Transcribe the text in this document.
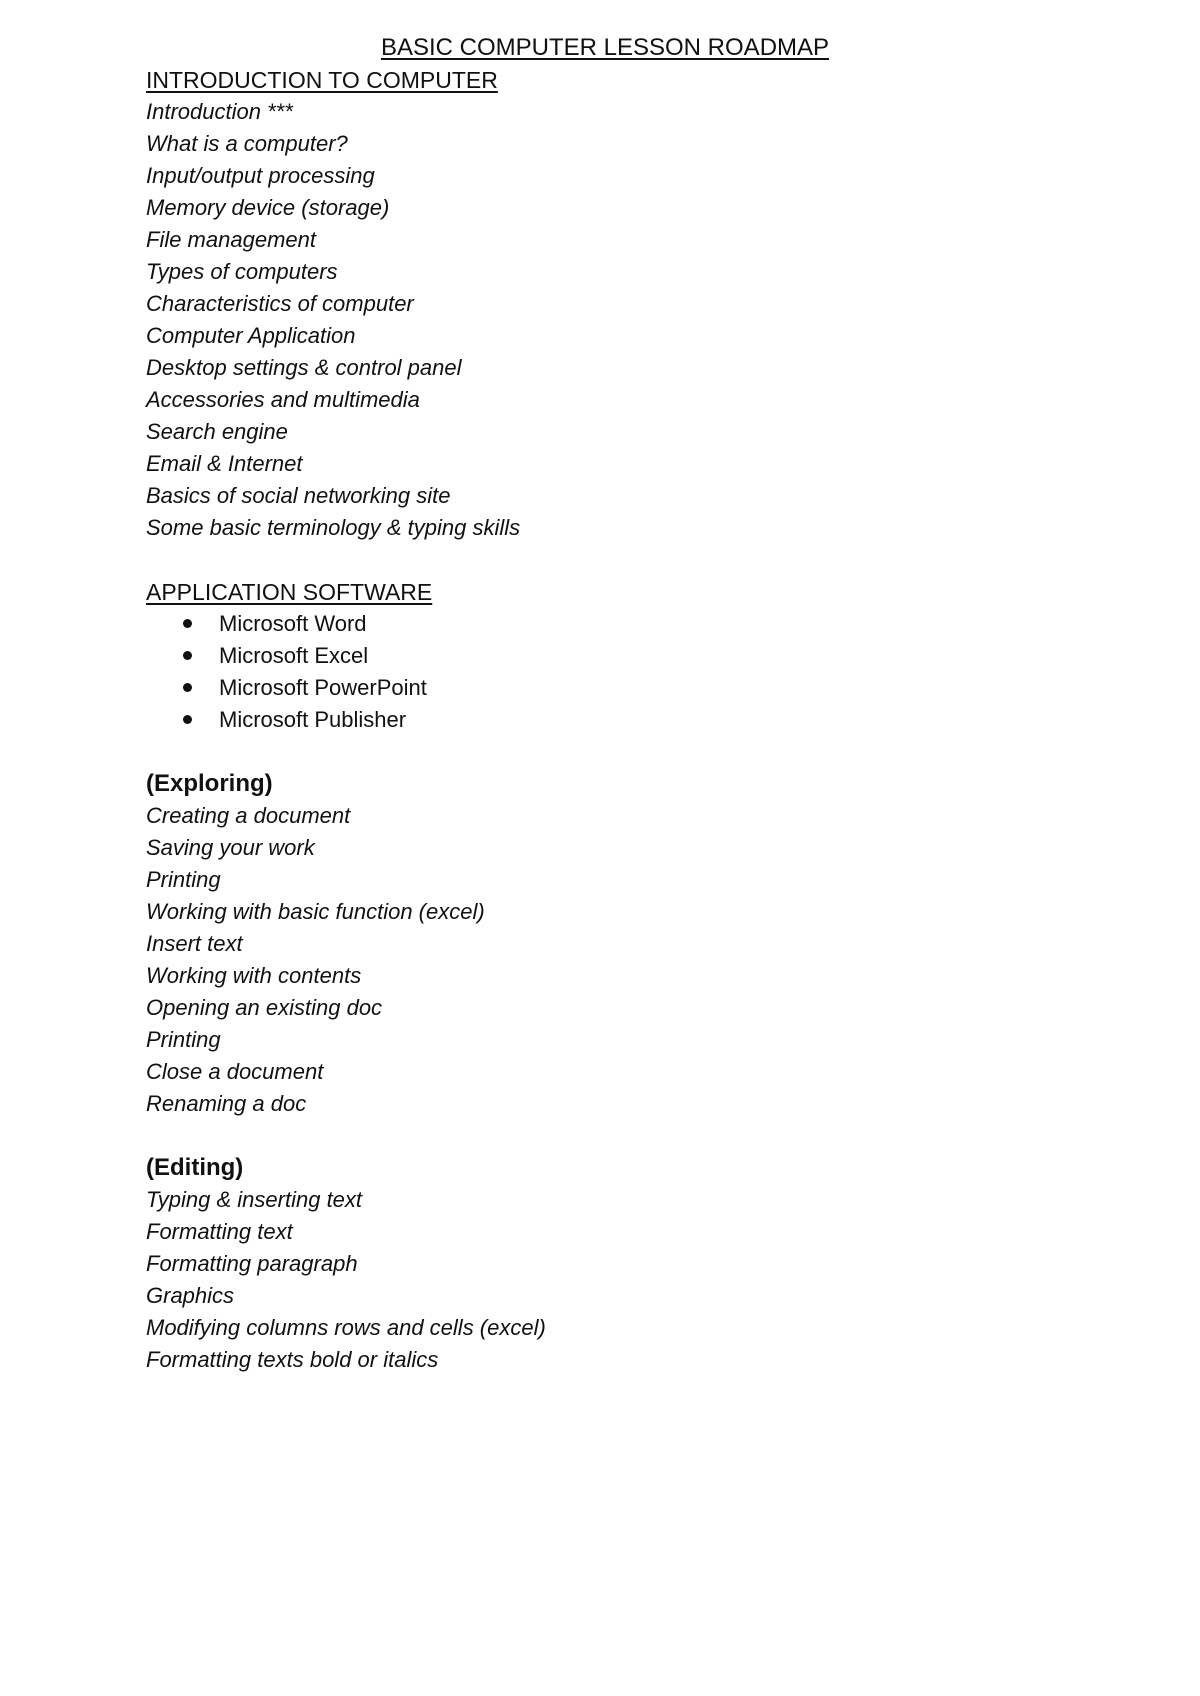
BASIC COMPUTER LESSON ROADMAP
INTRODUCTION TO COMPUTER
Introduction ***
What is a computer?
Input/output processing
Memory device (storage)
File management
Types of computers
Characteristics of computer
Computer Application
Desktop settings & control panel
Accessories and multimedia
Search engine
Email & Internet
Basics of social networking site
Some basic terminology & typing skills
APPLICATION SOFTWARE
Microsoft Word
Microsoft Excel
Microsoft PowerPoint
Microsoft Publisher
(Exploring)
Creating a document
Saving your work
Printing
Working with basic function (excel)
Insert text
Working with contents
Opening an existing doc
Printing
Close a document
Renaming a doc
(Editing)
Typing & inserting text
Formatting text
Formatting paragraph
Graphics
Modifying columns rows and cells (excel)
Formatting texts bold or italics
